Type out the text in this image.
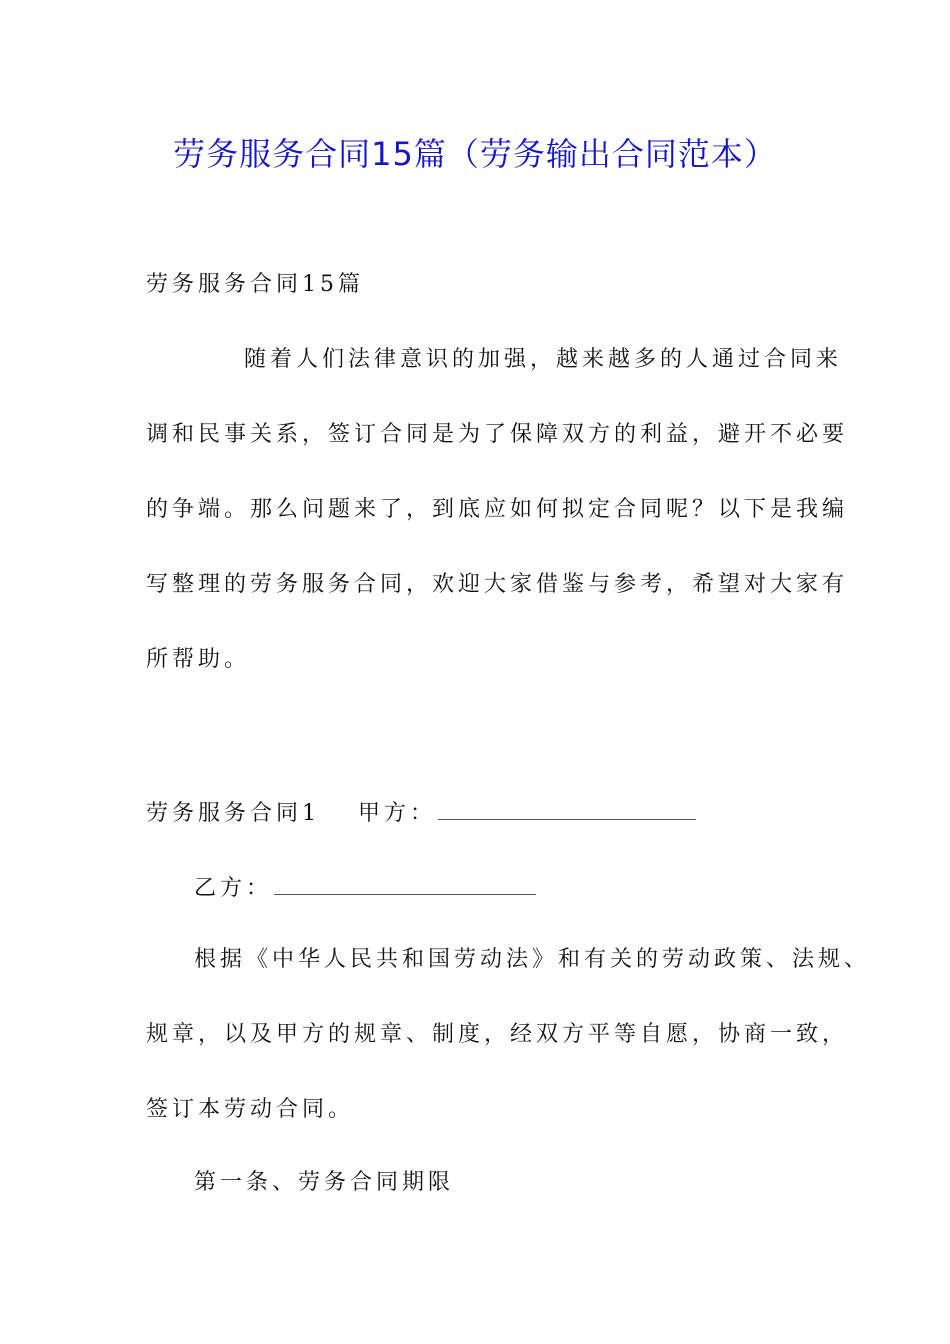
劳务服务合同15篇（劳务输出合同范本）
劳务服务合同15篇
随着人们法律意识的加强，越来越多的人通过合同来
调和民事关系，签订合同是为了保障双方的利益，避开不必要
的争端。那么问题来了，到底应如何拟定合同呢？以下是我编
写整理的劳务服务合同，欢迎大家借鉴与参考，希望对大家有
所帮助。
劳务服务合同1 甲方：
乙方：
根据《中华人民共和国劳动法》和有关的劳动政策、法规、
规章，以及甲方的规章、制度，经双方平等自愿，协商一致，
签订本劳动合同。
第一条、劳务合同期限
